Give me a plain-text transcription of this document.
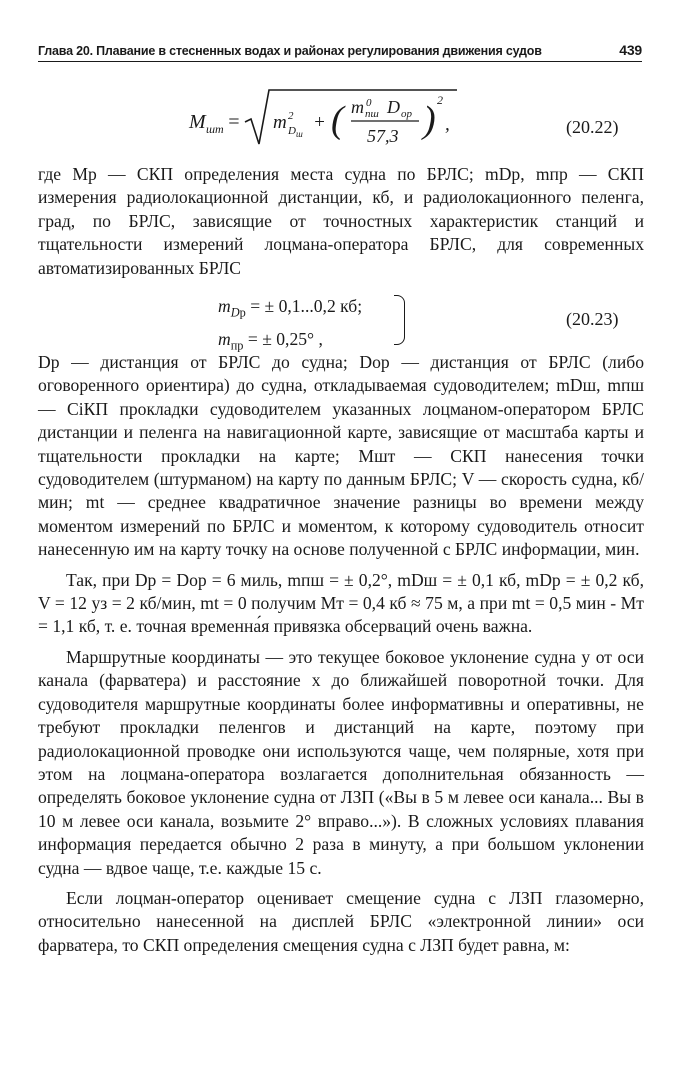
Глава 20. Плавание в стесненных водах и районах регулирования движения судов	439
M шт = m 2
D ш
+ ( m 0
пш D ор
57,3 ) 2
,	(20.22)

где Mр — СКП определения места судна по БРЛС; mDр, mпр — СКП измерения радиолокационной дистанции, кб, и радиолокационного пеленга, град, по БРЛС, зависящие от точностных характеристик станций и тщательности измерений лоцмана-оператора БРЛС, для современных автоматизированных БРЛС

$m_{Dр}$ = ± 0,1...0,2 кб;
$m_{пр}$ = ± 0,25° ,
(20.23)

Dр — дистанция от БРЛС до судна; Dор — дистанция от БРЛС (либо оговоренного ориентира) до судна, откладываемая судоводителем; mDш, mпш — CiКП прокладки судоводителем указанных лоцманом-оператором БРЛС дистанции и пеленга на навигационной карте, зависящие от масштаба карты и тщательности прокладки на карте; Mшт — СКП нанесения точки судоводителем (штурманом) на карту по данным БРЛС; V — скорость судна, кб/мин; mt — среднее квадратичное значение разницы во времени между моментом измерений по БРЛС и моментом, к которому судоводитель относит нанесенную им на карту точку на основе полученной с БРЛС информации, мин.

Так, при Dр = Dор = 6 миль, mпш = ± 0,2°, mDш = ± 0,1 кб, mDр = ± 0,2 кб, V = 12 уз = 2 кб/мин, mt = 0 получим Mт = 0,4 кб ≈ 75 м, а при mt = 0,5 мин - Mт = 1,1 кб, т. е. точная временна́я привязка обсерваций очень важна.

Маршрутные координаты — это текущее боковое уклонение судна y от оси канала (фарватера) и расстояние x до ближайшей поворотной точки. Для судоводителя маршрутные координаты более информативны и оперативны, не требуют прокладки пеленгов и дистанций на карте, поэтому при радиолокационной проводке они используются чаще, чем полярные, хотя при этом на лоцмана-оператора возлагается дополнительная обязанность — определять боковое уклонение судна от ЛЗП («Вы в 5 м левее оси канала... Вы в 10 м левее оси канала, возьмите 2° вправо...»). В сложных условиях плавания информация передается обычно 2 раза в минуту, а при большом уклонении судна — вдвое чаще, т.е. каждые 15 с.

Если лоцман-оператор оценивает смещение судна с ЛЗП глазомерно, относительно нанесенной на дисплей БРЛС «электронной линии» оси фарватера, то СКП определения смещения судна с ЛЗП будет равна, м:
